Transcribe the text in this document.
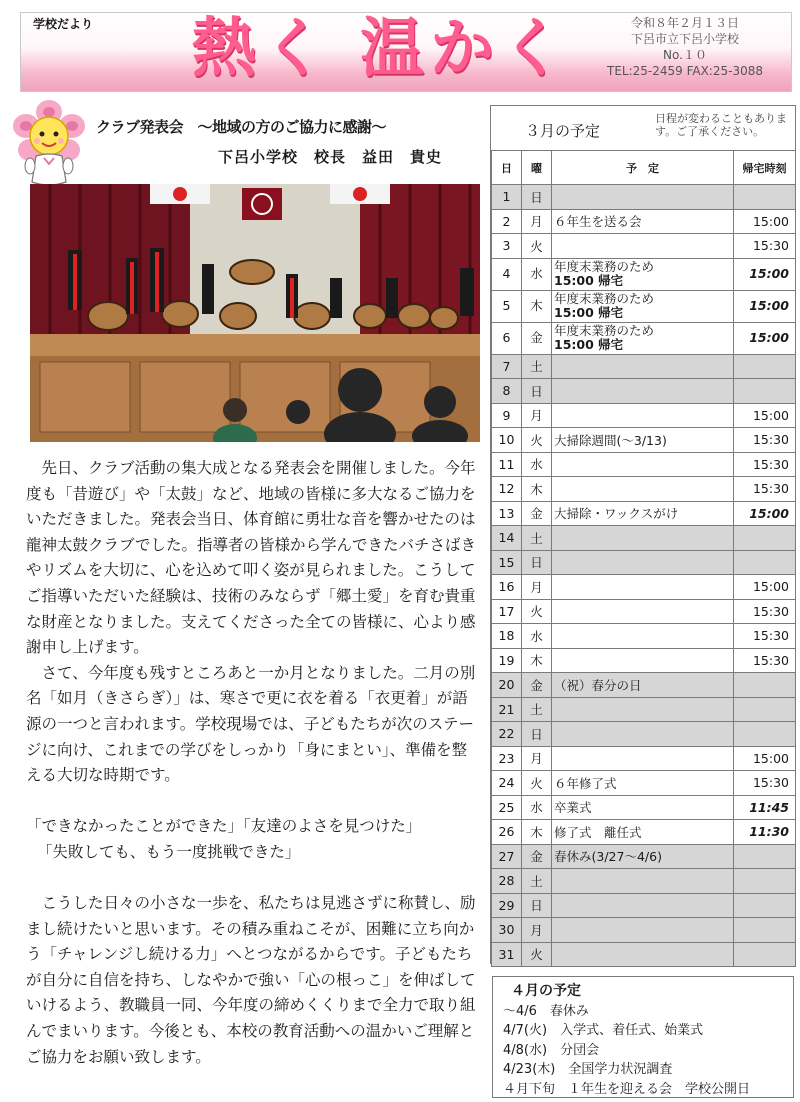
学校だより	熱く 温かく	令和８年２月１３日
下呂市立下呂小学校
No.１０
TEL:25-2459 FAX:25-3088
クラブ発表会　～地域の方のご協力に感謝～
下呂小学校　校長　益田　貴史

先日、クラブ活動の集大成となる発表会を開催しました。今年度も「昔遊び」や「太鼓」など、地域の皆様に多大なるご協力をいただきました。発表会当日、体育館に勇壮な音を響かせたのは龍神太鼓クラブでした。指導者の皆様から学んできたバチさばきやリズムを大切に、心を込めて叩く姿が見られました。こうしてご指導いただいた経験は、技術のみならず「郷土愛」を育む貴重な財産となりました。支えてくださった全ての皆様に、心より感謝申し上げます。

さて、今年度も残すところあと一か月となりました。二月の別名「如月（きさらぎ）」は、寒さで更に衣を着る「衣更着」が語源の一つと言われます。学校現場では、子どもたちが次のステージに向け、これまでの学びをしっかり「身にまとい」、準備を整える大切な時期です。

「できなかったことができた」「友達のよさを見つけた」

「失敗しても、もう一度挑戦できた」

こうした日々の小さな一歩を、私たちは見逃さずに称賛し、励まし続けたいと思います。その積み重ねこそが、困難に立ち向かう「チャレンジし続ける力」へとつながるからです。子どもたちが自分に自信を持ち、しなやかで強い「心の根っこ」を伸ばしていけるよう、教職員一同、今年度の締めくくりまで全力で取り組んでまいります。今後とも、本校の教育活動への温かいご理解とご協力をお願い致します。

３月の予定
日程が変わることもあります。ご了承ください。
日	曜	予　定	帰宅時刻
1	日	

2	月	６年生を送る会	15:00
3	火		15:30
4	水	年度末業務のため
15:00 帰宅	15:00
5	木	年度末業務のため
15:00 帰宅	15:00
6	金	年度末業務のため
15:00 帰宅	15:00
7	土	

8	日	

9	月		15:00
10	火	大掃除週間(～3/13)	15:30
11	水		15:30
12	木		15:30
13	金	大掃除・ワックスがけ	15:00
14	土	

15	日	

16	月		15:00
17	火		15:30
18	水		15:30
19	木		15:30
20	金	（祝）春分の日	

21	土	

22	日	

23	月		15:00
24	火	６年修了式	15:30
25	水	卒業式	11:45
26	木	修了式　離任式	11:30
27	金	春休み(3/27～4/6)	

28	土	

29	日	

30	月	

31	火	

４月の予定
～4/6　春休み
4/7(火)　入学式、着任式、始業式
4/8(水)　分団会
4/23(木)　全国学力状況調査
４月下旬　１年生を迎える会　学校公開日
